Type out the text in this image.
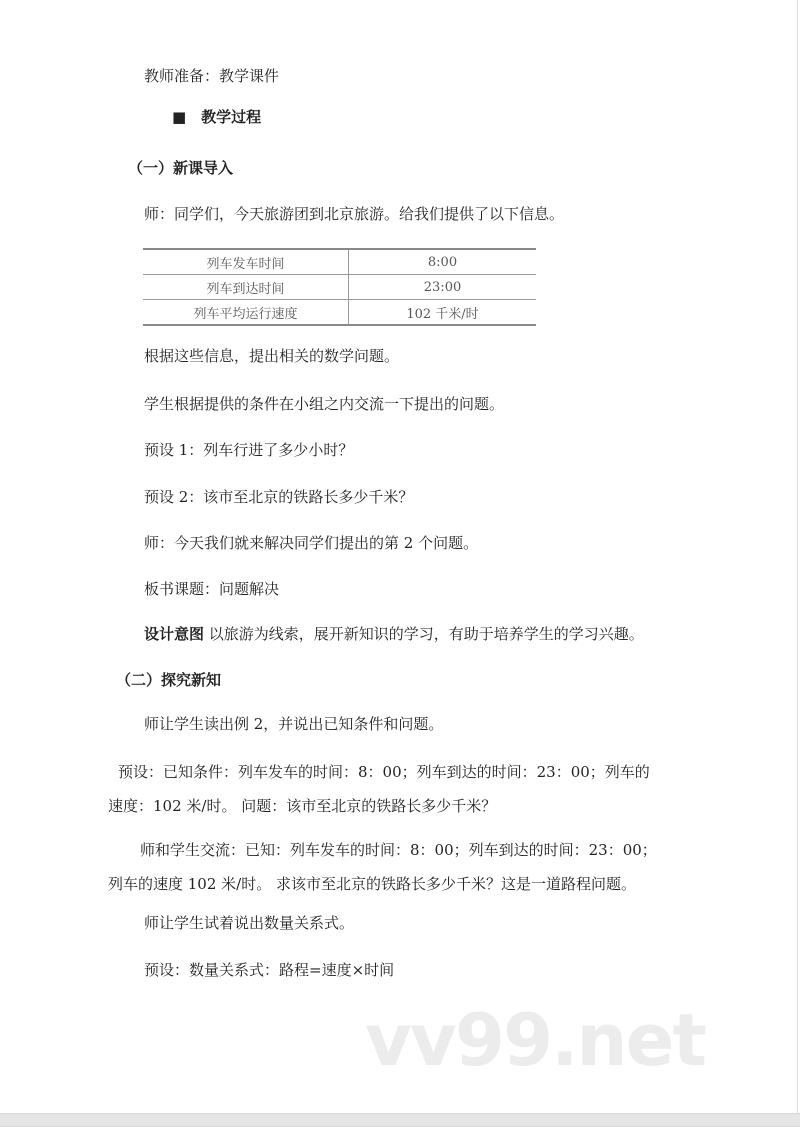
教师准备：教学课件
■　教学过程
（一）新课导入
师：同学们，今天旅游团到北京旅游。给我们提供了以下信息。
列车发车时间	8:00
列车到达时间	23:00
列车平均运行速度	102 千米/时
根据这些信息，提出相关的数学问题。
学生根据提供的条件在小组之内交流一下提出的问题。
预设 1：列车行进了多少小时？
预设 2：该市至北京的铁路长多少千米？
师：今天我们就来解决同学们提出的第 2 个问题。
板书课题：问题解决
设计意图 以旅游为线索，展开新知识的学习，有助于培养学生的学习兴趣。
（二）探究新知
师让学生读出例 2，并说出已知条件和问题。
预设：已知条件：列车发车的时间：8：00；列车到达的时间：23：00；列车的
速度：102 米/时。 问题：该市至北京的铁路长多少千米？
师和学生交流：已知：列车发车的时间：8：00；列车到达的时间：23：00；
列车的速度 102 米/时。 求该市至北京的铁路长多少千米？这是一道路程问题。
师让学生试着说出数量关系式。
预设：数量关系式：路程=速度×时间
vv99.net
